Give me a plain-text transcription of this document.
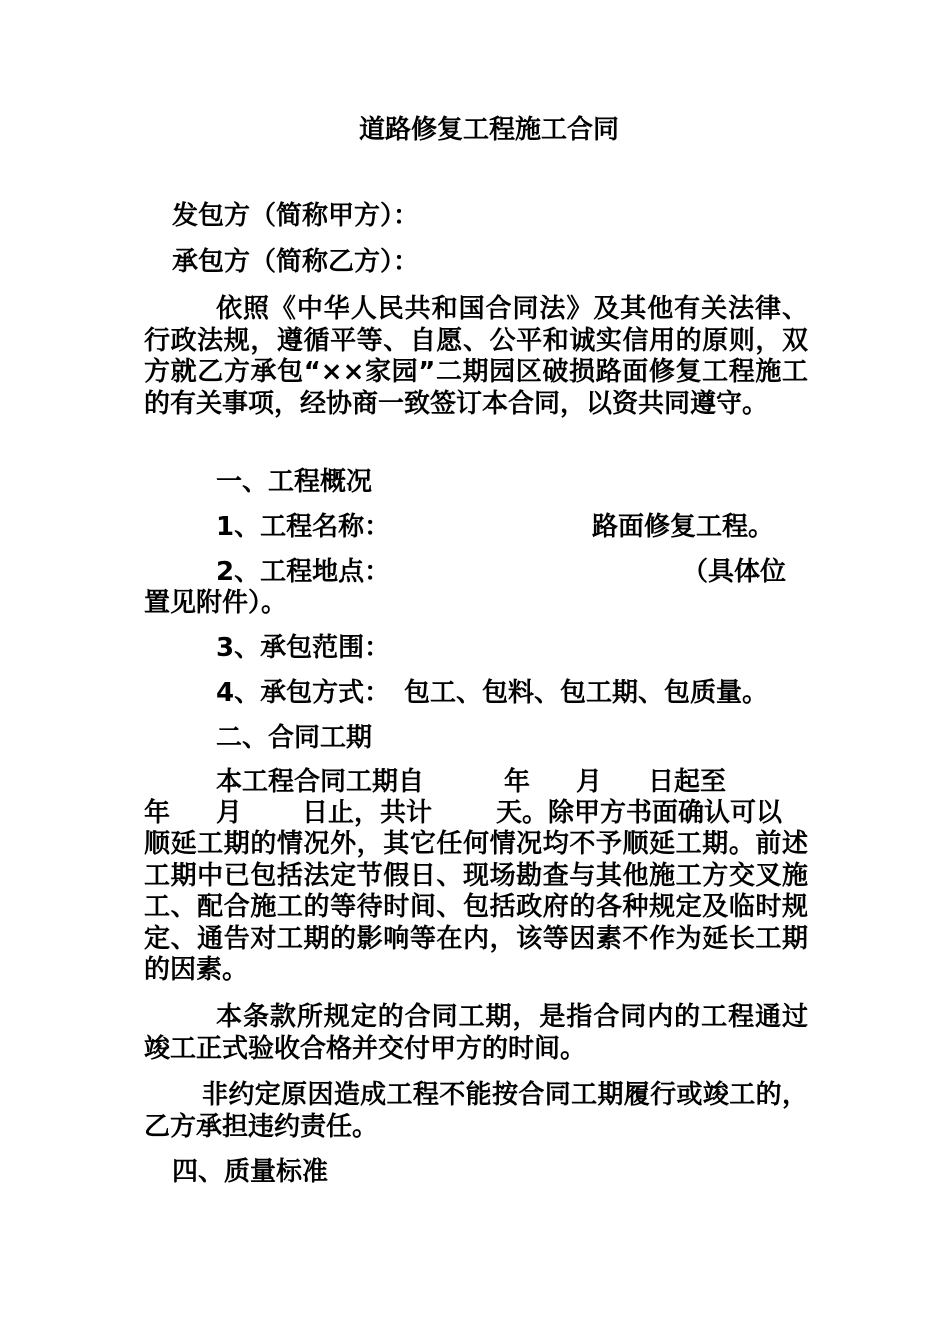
道路修复工程施工合同
发包方（简称甲方）：
承包方（简称乙方）：
依照《中华人民共和国合同法》及其他有关法律、行政法规，遵循平等、自愿、公平和诚实信用的原则，双方就乙方承包“××家园”二期园区破损路面修复工程施工的有关事项，经协商一致签订本合同，以资共同遵守。
一、工程概况
1、工程名称：	路面修复工程。
2、工程地点：	（具体位
置见附件）。
3、承包范围：
4、承包方式： 包工、包料、包工期、包质量。
二、合同工期
本工程合同工期自	年 月 日起至
年 月 日止，共计 天。除甲方书面确认可以
顺延工期的情况外，其它任何情况均不予顺延工期。前述工期中已包括法定节假日、现场勘查与其他施工方交叉施工、配合施工的等待时间、包括政府的各种规定及临时规定、通告对工期的影响等在内，该等因素不作为延长工期的因素。
本条款所规定的合同工期，是指合同内的工程通过竣工正式验收合格并交付甲方的时间。
非约定原因造成工程不能按合同工期履行或竣工的，乙方承担违约责任。
四、质量标准
